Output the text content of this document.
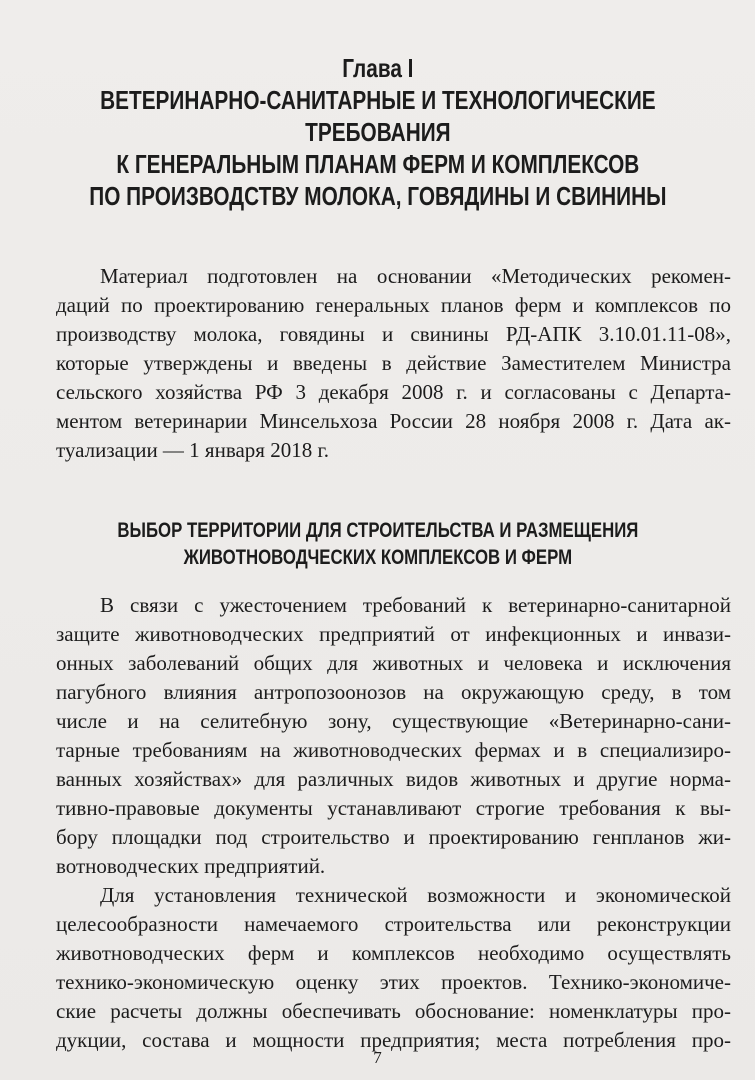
Глава I
ВЕТЕРИНАРНО-САНИТАРНЫЕ И ТЕХНОЛОГИЧЕСКИЕ
ТРЕБОВАНИЯ
К ГЕНЕРАЛЬНЫМ ПЛАНАМ ФЕРМ И КОМПЛЕКСОВ
ПО ПРОИЗВОДСТВУ МОЛОКА, ГОВЯДИНЫ И СВИНИНЫ
Материал подготовлен на основании «Методических рекомен-
даций по проектированию генеральных планов ферм и комплексов по
производству молока, говядины и свинины РД-АПК 3.10.01.11-08»,
которые утверждены и введены в действие Заместителем Министра
сельского хозяйства РФ 3 декабря 2008 г. и согласованы с Департа-
ментом ветеринарии Минсельхоза России 28 ноября 2008 г. Дата ак-
туализации — 1 января 2018 г.
ВЫБОР ТЕРРИТОРИИ ДЛЯ СТРОИТЕЛЬСТВА И РАЗМЕЩЕНИЯ
ЖИВОТНОВОДЧЕСКИХ КОМПЛЕКСОВ И ФЕРМ
В связи с ужесточением требований к ветеринарно-санитарной
защите животноводческих предприятий от инфекционных и инвази-
онных заболеваний общих для животных и человека и исключения
пагубного влияния антропозоонозов на окружающую среду, в том
числе и на селитебную зону, существующие «Ветеринарно-сани-
тарные требованиям на животноводческих фермах и в специализиро-
ванных хозяйствах» для различных видов животных и другие норма-
тивно-правовые документы устанавливают строгие требования к вы-
бору площадки под строительство и проектированию генпланов жи-
вотноводческих предприятий.
Для установления технической возможности и экономической
целесообразности намечаемого строительства или реконструкции
животноводческих ферм и комплексов необходимо осуществлять
технико-экономическую оценку этих проектов. Технико-экономиче-
ские расчеты должны обеспечивать обоснование: номенклатуры про-
дукции, состава и мощности предприятия; места потребления про-
7
